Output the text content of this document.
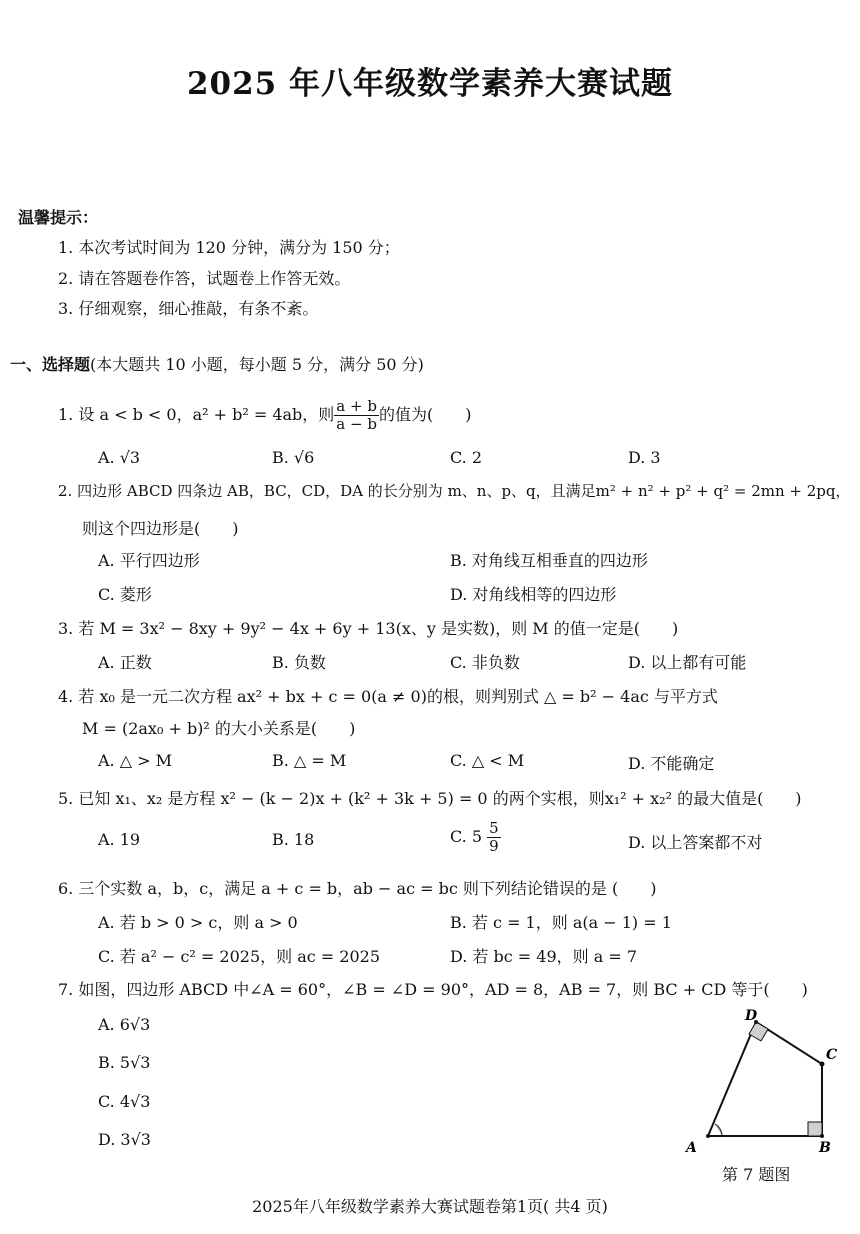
2025 年八年级数学素养大赛试题
温馨提示：
1. 本次考试时间为 120 分钟，满分为 150 分；
2. 请在答题卷作答，试题卷上作答无效。
3. 仔细观察，细心推敲，有条不紊。
一、选择题(本大题共 10 小题，每小题 5 分，满分 50 分)
1. 设 a < b < 0，a² + b² = 4ab，则 $\frac{a + b}{a - b}$ 的值为(　　)
A. √3	B. √6	C. 2	D. 3
2. 四边形 ABCD 四条边 AB，BC，CD，DA 的长分别为 m、n、p、q，且满足m² + n² + p² + q² = 2mn + 2pq，
则这个四边形是(　　)
A. 平行四边形	B. 对角线互相垂直的四边形
C. 菱形	D. 对角线相等的四边形
3. 若 M = 3x² − 8xy + 9y² − 4x + 6y + 13(x、y 是实数)，则 M 的值一定是(　　)
A. 正数	B. 负数	C. 非负数	D. 以上都有可能
4. 若 x₀ 是一元二次方程 ax² + bx + c = 0(a ≠ 0)的根，则判别式 △ = b² − 4ac 与平方式
M = (2ax₀ + b)² 的大小关系是(　　)
A. △ > M	B. △ = M	C. △ < M	D. 不能确定
5. 已知 x₁、x₂ 是方程 x² − (k − 2)x + (k² + 3k + 5) = 0 的两个实根，则x₁² + x₂² 的最大值是(　　)
A. 19	B. 18	C. $5 \frac{5}{9}$	D. 以上答案都不对
6. 三个实数 a，b，c，满足 a + c = b，ab − ac = bc 则下列结论错误的是 (　　)
A. 若 b > 0 > c，则 a > 0	B. 若 c = 1，则 a(a − 1) = 1
C. 若 a² − c² = 2025，则 ac = 2025	D. 若 bc = 49，则 a = 7
7. 如图，四边形 ABCD 中∠A = 60°，∠B = ∠D = 90°，AD = 8，AB = 7，则 BC + CD 等于(　　)
A. 6√3
B. 5√3
C. 4√3
D. 3√3	A	B
C
D
第 7 题图
2025年八年级数学素养大赛试题卷第1页( 共4 页)
